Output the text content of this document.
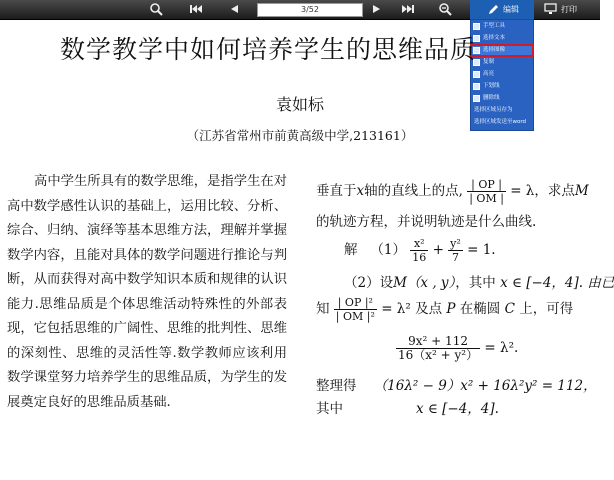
3/52	编辑	打印
手型工具
选择文本
选择图像
复制
高亮
下划线
删除线
选择区域另存为
选择区域发送至word
数学教学中如何培养学生的思维品质
袁如标
（江苏省常州市前黄高级中学,213161）
高中学生所具有的数学思维，是指学生在对高中数学感性认识的基础上，运用比较、分析、综合、归纳、演绎等基本思维方法，理解并掌握数学内容，且能对具体的数学问题进行推论与判断，从而获得对高中数学知识本质和规律的认识能力.思维品质是个体思维活动特殊性的外部表现，它包括思维的广阔性、思维的批判性、思维的深刻性、思维的灵活性等.数学教师应该利用数学课堂努力培养学生的思维品质，为学生的发展奠定良好的思维品质基础.
垂直于x轴的直线上的点, $\frac{| OP |}{| OM |} = \lambda$，求点M
的轨迹方程，并说明轨迹是什么曲线.
解 $(1) \frac{\text{x²}}{16} + \frac{\text{y²}}{7} = 1$.
（2）设M（x , y），其中 x ∈ [−4，4]. 由已
知 $\frac{\text{| OP |²}}{\text{| OM |²}} = \lambda^2$ 及点 P 在椭圆 C 上，可得
$\frac{\text{9x² + 112}}{\text{16（x² + y²）}} = \lambda^2$.
整理得 （16λ² − 9）x² + 16λ²y² = 112，
其中	x ∈ [−4，4].
